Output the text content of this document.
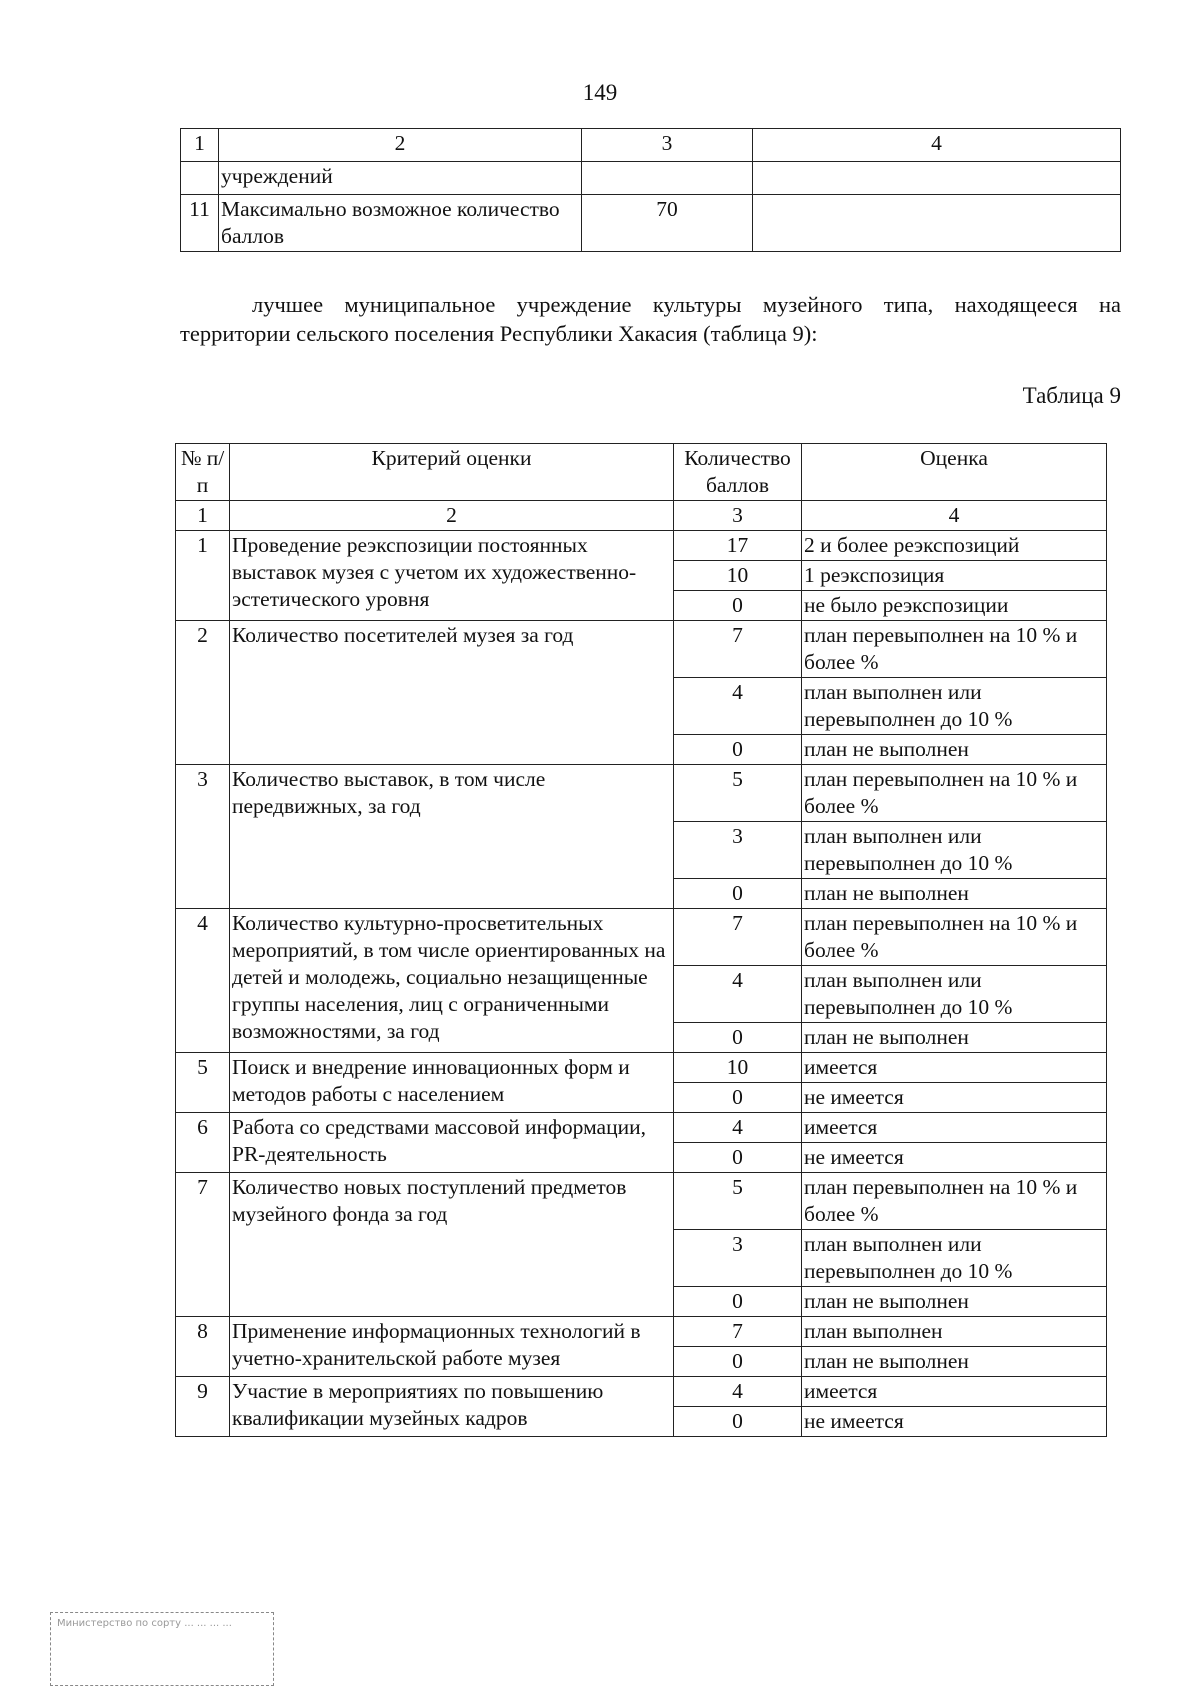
149
1	2	3	4
	учреждений		
11	Максимально возможное количество баллов	70	

лучшее муниципальное учреждение культуры музейного типа, находящееся на территории сельского поселения Республики Хакасия (таблица 9):

Таблица 9
№ п/п	Критерий оценки	Количество баллов	Оценка
1	2	3	4
1	Проведение реэкспозиции постоянных выставок музея с учетом их художественно-эстетического уровня	17	2 и более реэкспозиций
		10	1 реэкспозиция
		0	не было реэкспозиции
2	Количество посетителей музея за год	7	план перевыполнен на 10 % и более %
		4	план выполнен или перевыполнен до 10 %
		0	план не выполнен
3	Количество выставок, в том числе передвижных, за год	5	план перевыполнен на 10 % и более %
		3	план выполнен или перевыполнен до 10 %
		0	план не выполнен
4	Количество культурно-просветительных мероприятий, в том числе ориентированных на детей и молодежь, социально незащищенные группы населения, лиц с ограниченными возможностями, за год	7	план перевыполнен на 10 % и более %
		4	план выполнен или перевыполнен до 10 %
		0	план не выполнен
5	Поиск и внедрение инновационных форм и методов работы с населением	10	имеется
		0	не имеется
6	Работа со средствами массовой информации, PR-деятельность	4	имеется
		0	не имеется
7	Количество новых поступлений предметов музейного фонда за год	5	план перевыполнен на 10 % и более %
		3	план выполнен или перевыполнен до 10 %
		0	план не выполнен
8	Применение информационных технологий в учетно-хранительской работе музея	7	план выполнен
		0	план не выполнен
9	Участие в мероприятиях по повышению квалификации музейных кадров	4	имеется
		0	не имеется
Министерство по сорту ... ... ... ...
